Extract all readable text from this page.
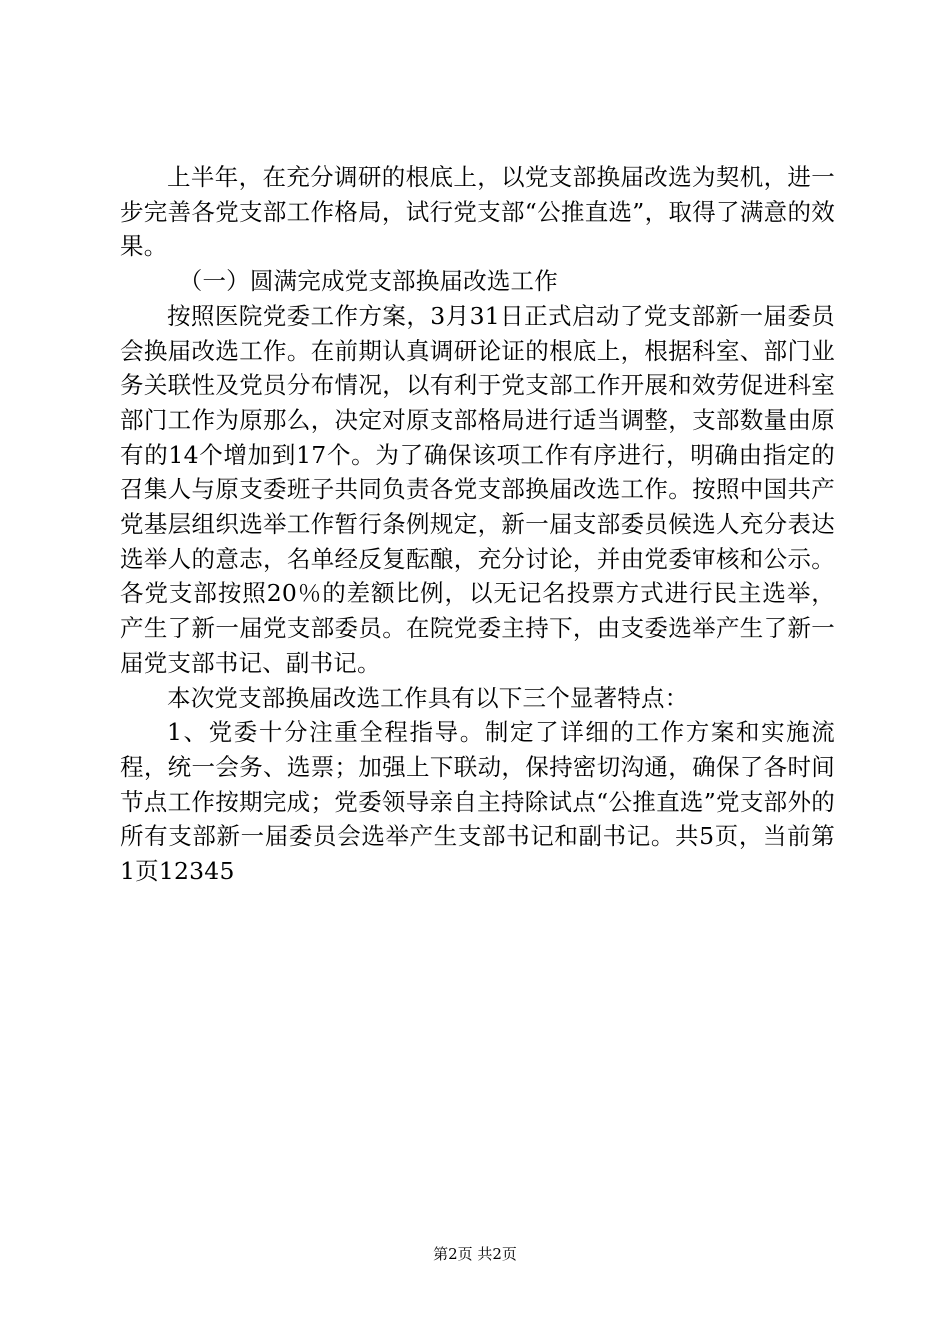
上半年，在充分调研的根底上，以党支部换届改选为契机，进一步完善各党支部工作格局，试行党支部“公推直选”，取得了满意的效果。

（一）圆满完成党支部换届改选工作

按照医院党委工作方案，3月31日正式启动了党支部新一届委员会换届改选工作。在前期认真调研论证的根底上，根据科室、部门业务关联性及党员分布情况，以有利于党支部工作开展和效劳促进科室部门工作为原那么，决定对原支部格局进行适当调整，支部数量由原有的14个增加到17个。为了确保该项工作有序进行，明确由指定的召集人与原支委班子共同负责各党支部换届改选工作。按照中国共产党基层组织选举工作暂行条例规定，新一届支部委员候选人充分表达选举人的意志，名单经反复酝酿，充分讨论，并由党委审核和公示。各党支部按照20％的差额比例，以无记名投票方式进行民主选举，产生了新一届党支部委员。在院党委主持下，由支委选举产生了新一届党支部书记、副书记。

本次党支部换届改选工作具有以下三个显著特点：

1、党委十分注重全程指导。制定了详细的工作方案和实施流程，统一会务、选票；加强上下联动，保持密切沟通，确保了各时间节点工作按期完成；党委领导亲自主持除试点“公推直选”党支部外的所有支部新一届委员会选举产生支部书记和副书记。共5页，当前第1页12345

第2页 共2页
